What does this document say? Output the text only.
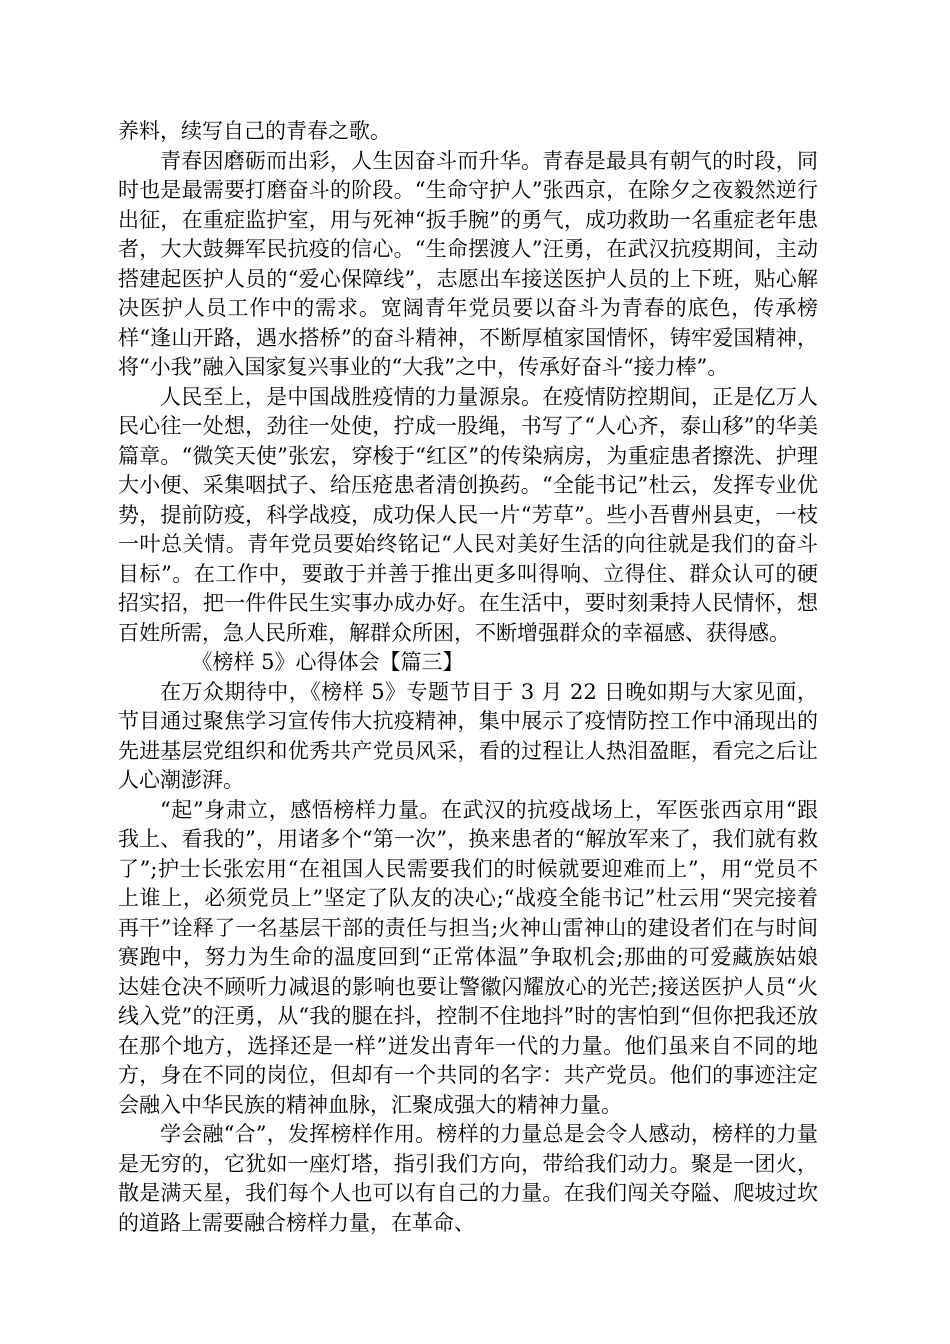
养料，续写自己的青春之歌。

青春因磨砺而出彩，人生因奋斗而升华。青春是最具有朝气的时段，同时也是最需要打磨奋斗的阶段。“生命守护人”张西京，在除夕之夜毅然逆行出征，在重症监护室，用与死神“扳手腕”的勇气，成功救助一名重症老年患者，大大鼓舞军民抗疫的信心。“生命摆渡人”汪勇，在武汉抗疫期间，主动搭建起医护人员的“爱心保障线”，志愿出车接送医护人员的上下班，贴心解决医护人员工作中的需求。宽阔青年党员要以奋斗为青春的底色，传承榜样“逢山开路，遇水搭桥”的奋斗精神，不断厚植家国情怀，铸牢爱国精神，将“小我”融入国家复兴事业的“大我”之中，传承好奋斗“接力棒”。

人民至上，是中国战胜疫情的力量源泉。在疫情防控期间，正是亿万人民心往一处想，劲往一处使，拧成一股绳，书写了“人心齐，泰山移”的华美篇章。“微笑天使”张宏，穿梭于“红区”的传染病房，为重症患者擦洗、护理大小便、采集咽拭子、给压疮患者清创换药。“全能书记”杜云，发挥专业优势，提前防疫，科学战疫，成功保人民一片“芳草”。些小吾曹州县吏，一枝一叶总关情。青年党员要始终铭记“人民对美好生活的向往就是我们的奋斗目标”。在工作中，要敢于并善于推出更多叫得响、立得住、群众认可的硬招实招，把一件件民生实事办成办好。在生活中，要时刻秉持人民情怀，想百姓所需，急人民所难，解群众所困，不断增强群众的幸福感、获得感。

《榜样 5》心得体会【篇三】

在万众期待中，《榜样 5》专题节目于 3 月 22 日晚如期与大家见面，节目通过聚焦学习宣传伟大抗疫精神，集中展示了疫情防控工作中涌现出的先进基层党组织和优秀共产党员风采，看的过程让人热泪盈眶，看完之后让人心潮澎湃。

“起”身肃立，感悟榜样力量。在武汉的抗疫战场上，军医张西京用“跟我上、看我的”，用诸多个“第一次”，换来患者的“解放军来了，我们就有救了”;护士长张宏用“在祖国人民需要我们的时候就要迎难而上”，用“党员不上谁上，必须党员上”坚定了队友的决心;“战疫全能书记”杜云用“哭完接着再干”诠释了一名基层干部的责任与担当;火神山雷神山的建设者们在与时间赛跑中，努力为生命的温度回到“正常体温”争取机会;那曲的可爱藏族姑娘达娃仓决不顾听力减退的影响也要让警徽闪耀放心的光芒;接送医护人员“火线入党”的汪勇，从“我的腿在抖，控制不住地抖”时的害怕到“但你把我还放在那个地方，选择还是一样”迸发出青年一代的力量。他们虽来自不同的地方，身在不同的岗位，但却有一个共同的名字：共产党员。他们的事迹注定会融入中华民族的精神血脉，汇聚成强大的精神力量。

学会融“合”，发挥榜样作用。榜样的力量总是会令人感动，榜样的力量是无穷的，它犹如一座灯塔，指引我们方向，带给我们动力。聚是一团火，散是满天星，我们每个人也可以有自己的力量。在我们闯关夺隘、爬坡过坎的道路上需要融合榜样力量，在革命、
